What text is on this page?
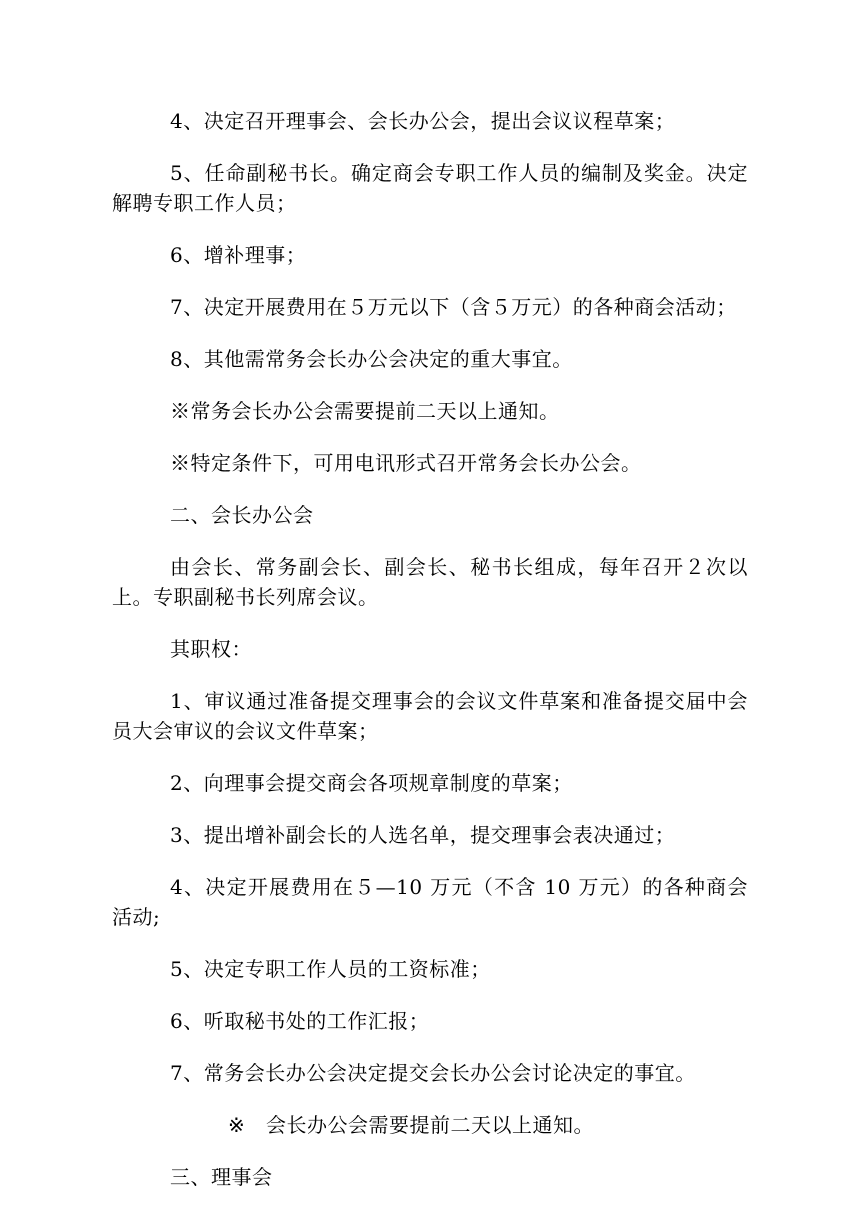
4、决定召开理事会、会长办公会，提出会议议程草案；

5、任命副秘书长。确定商会专职工作人员的编制及奖金。决定解聘专职工作人员；

6、增补理事；

7、决定开展费用在５万元以下（含５万元）的各种商会活动；

8、其他需常务会长办公会决定的重大事宜。

※常务会长办公会需要提前二天以上通知。

※特定条件下，可用电讯形式召开常务会长办公会。

二、会长办公会

由会长、常务副会长、副会长、秘书长组成，每年召开２次以上。专职副秘书长列席会议。

其职权：

1、审议通过准备提交理事会的会议文件草案和准备提交届中会员大会审议的会议文件草案；

2、向理事会提交商会各项规章制度的草案；

3、提出增补副会长的人选名单，提交理事会表决通过；

4、决定开展费用在５—10 万元（不含 10 万元）的各种商会活动;

5、决定专职工作人员的工资标准；

6、听取秘书处的工作汇报；

7、常务会长办公会决定提交会长办公会讨论决定的事宜。

※ 会长办公会需要提前二天以上通知。

三、理事会
